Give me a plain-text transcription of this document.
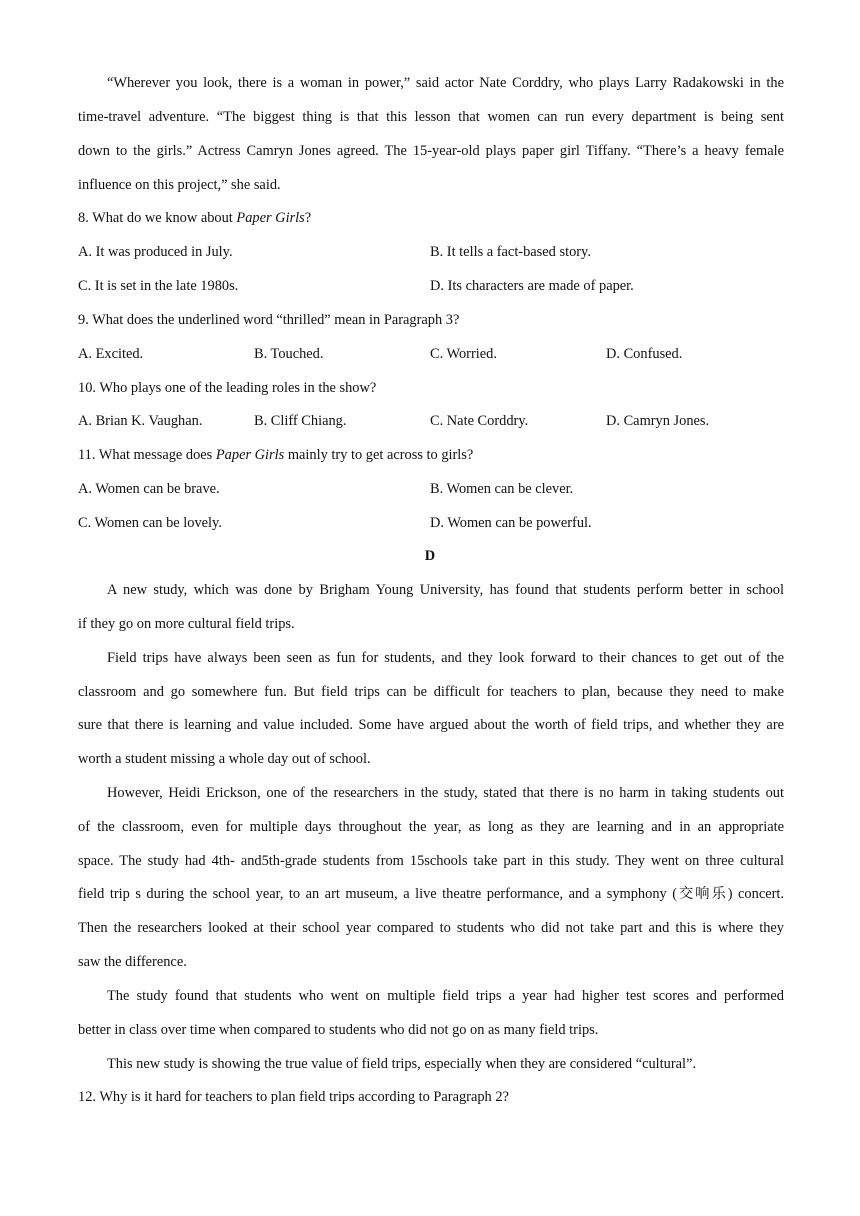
“Wherever you look, there is a woman in power,” said actor Nate Corddry, who plays Larry Radakowski in the
time-travel adventure. “The biggest thing is that this lesson that women can run every department is being sent
down to the girls.” Actress Camryn Jones agreed. The 15-year-old plays paper girl Tiffany. “There’s a heavy female
influence on this project,” she said.
8. What do we know about Paper Girls?
A. It was produced in July.	B. It tells a fact-based story.
C. It is set in the late 1980s.	D. Its characters are made of paper.
9. What does the underlined word “thrilled” mean in Paragraph 3?
A. Excited.	B. Touched.	C. Worried.	D. Confused.
10. Who plays one of the leading roles in the show?
A. Brian K. Vaughan.	B. Cliff Chiang.	C. Nate Corddry.	D. Camryn Jones.
11. What message does Paper Girls mainly try to get across to girls?
A. Women can be brave.	B. Women can be clever.
C. Women can be lovely.	D. Women can be powerful.
D
A new study, which was done by Brigham Young University, has found that students perform better in school
if they go on more cultural field trips.
Field trips have always been seen as fun for students, and they look forward to their chances to get out of the
classroom and go somewhere fun. But field trips can be difficult for teachers to plan, because they need to make
sure that there is learning and value included. Some have argued about the worth of field trips, and whether they are
worth a student missing a whole day out of school.
However, Heidi Erickson, one of the researchers in the study, stated that there is no harm in taking students out
of the classroom, even for multiple days throughout the year, as long as they are learning and in an appropriate
space. The study had 4th- and5th-grade students from 15schools take part in this study. They went on three cultural
field trip s during the school year, to an art museum, a live theatre performance, and a symphony (交响乐) concert.
Then the researchers looked at their school year compared to students who did not take part and this is where they
saw the difference.
The study found that students who went on multiple field trips a year had higher test scores and performed
better in class over time when compared to students who did not go on as many field trips.
This new study is showing the true value of field trips, especially when they are considered “cultural”.
12. Why is it hard for teachers to plan field trips according to Paragraph 2?
